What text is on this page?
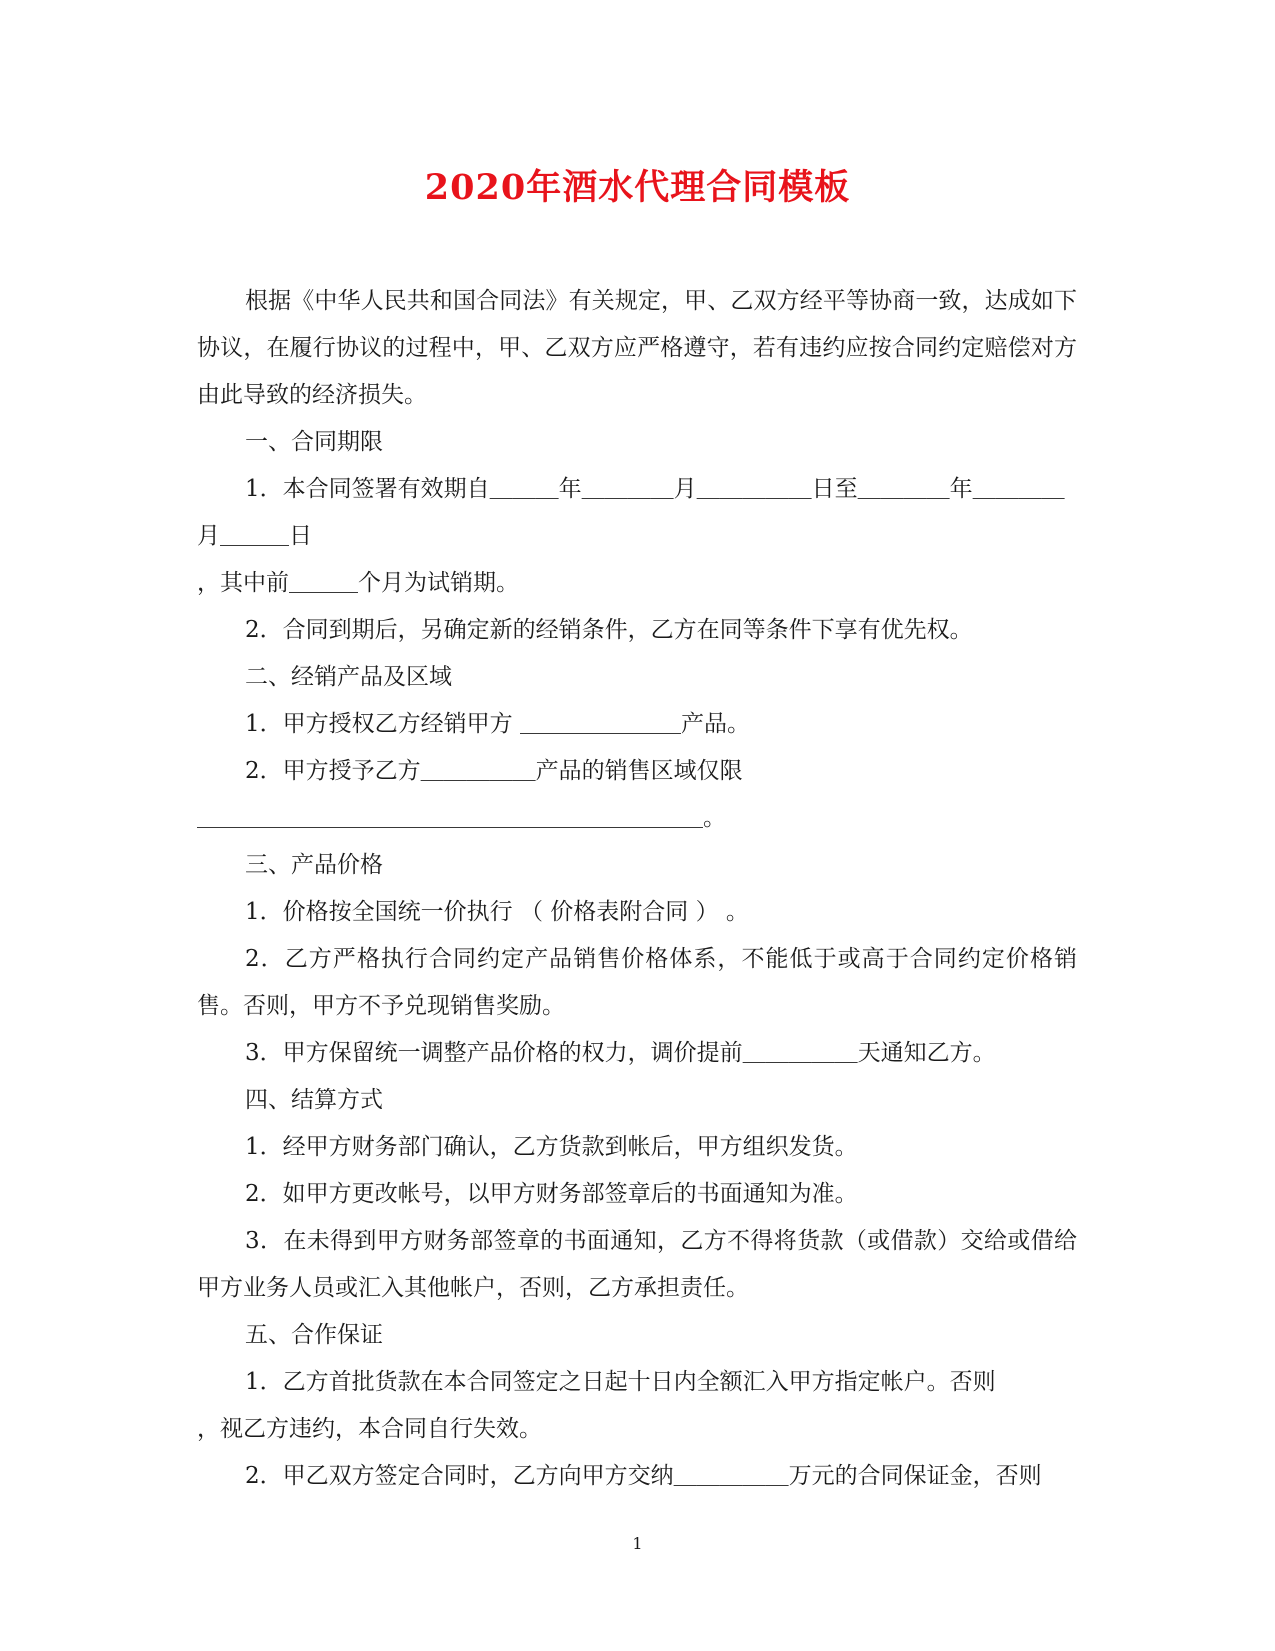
2020年酒水代理合同模板

根据《中华人民共和国合同法》有关规定，甲、乙双方经平等协商一致，达成如下协议，在履行协议的过程中，甲、乙双方应严格遵守，若有违约应按合同约定赔偿对方由此导致的经济损失。

一、合同期限

1．本合同签署有效期自＿＿＿年＿＿＿＿月＿＿＿＿＿日至＿＿＿＿年＿＿＿＿ 月＿＿＿日

，其中前＿＿＿个月为试销期。

2．合同到期后，另确定新的经销条件，乙方在同等条件下享有优先权。

二、经销产品及区域

1．甲方授权乙方经销甲方 ＿＿＿＿＿＿＿产品。

2．甲方授予乙方＿＿＿＿＿产品的销售区域仅限

＿＿＿＿＿＿＿＿＿＿＿＿＿＿＿＿＿＿＿＿＿＿。

三、产品价格

1．价格按全国统一价执行 （ 价格表附合同 ） 。

2．乙方严格执行合同约定产品销售价格体系，不能低于或高于合同约定价格销售。否则，甲方不予兑现销售奖励。

3．甲方保留统一调整产品价格的权力，调价提前＿＿＿＿＿天通知乙方。

四、结算方式

1．经甲方财务部门确认，乙方货款到帐后，甲方组织发货。

2．如甲方更改帐号，以甲方财务部签章后的书面通知为准。

3．在未得到甲方财务部签章的书面通知，乙方不得将货款（或借款）交给或借给甲方业务人员或汇入其他帐户，否则，乙方承担责任。

五、合作保证

1．乙方首批货款在本合同签定之日起十日内全额汇入甲方指定帐户。否则

，视乙方违约，本合同自行失效。

2．甲乙双方签定合同时，乙方向甲方交纳＿＿＿＿＿万元的合同保证金，否则

1
